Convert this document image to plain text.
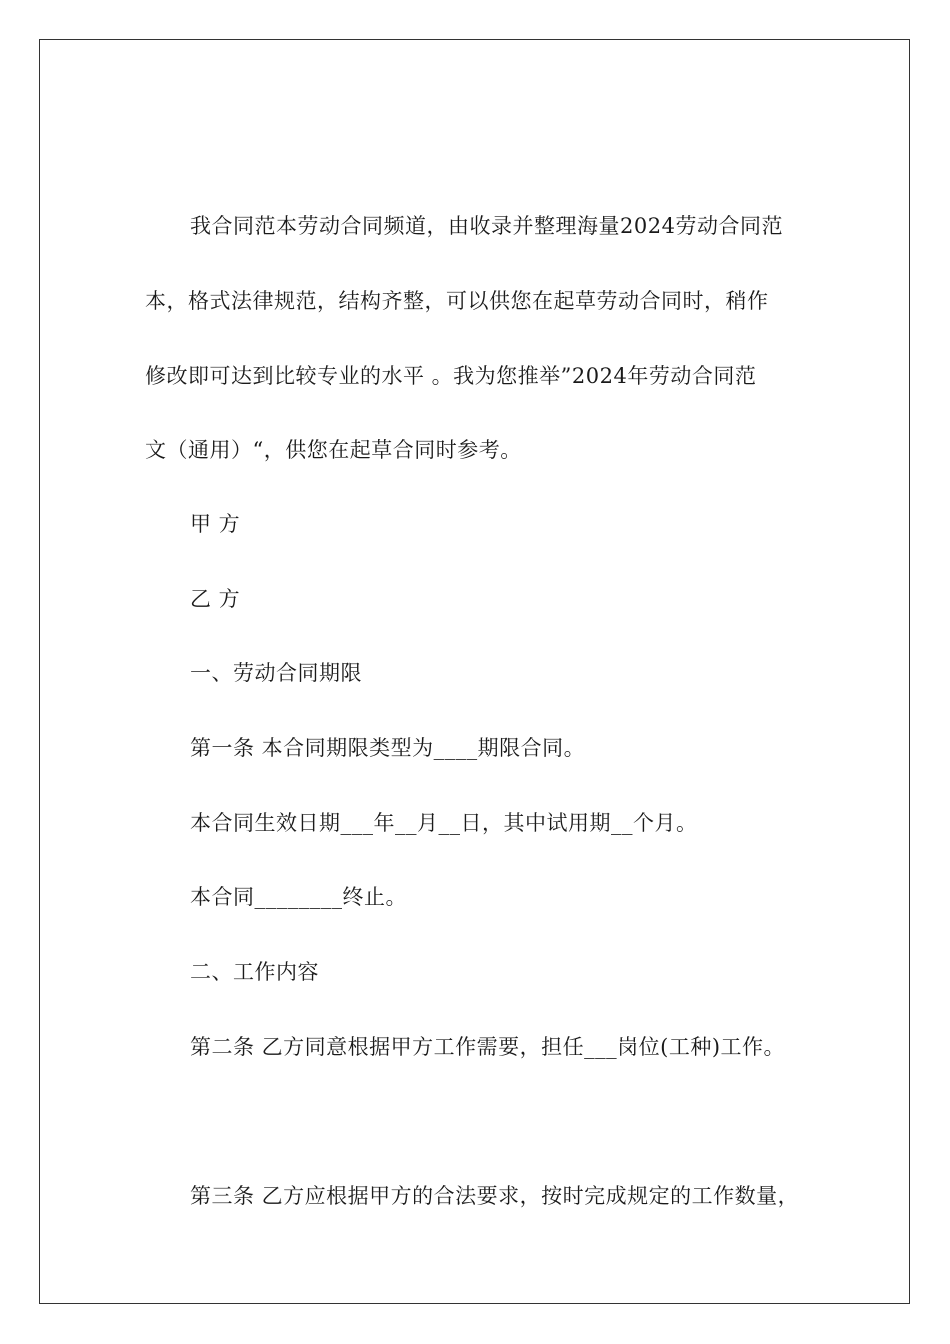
我合同范本劳动合同频道，由收录并整理海量2024劳动合同范
本，格式法律规范，结构齐整，可以供您在起草劳动合同时，稍作
修改即可达到比较专业的水平 。我为您推举”2024年劳动合同范
文（通用）“，供您在起草合同时参考。
甲 方
乙 方
一、劳动合同期限
第一条 本合同期限类型为____期限合同。
本合同生效日期___年__月__日，其中试用期__个月。
本合同________终止。
二、工作内容
第二条 乙方同意根据甲方工作需要，担任___岗位(工种)工作。
第三条 乙方应根据甲方的合法要求，按时完成规定的工作数量，
